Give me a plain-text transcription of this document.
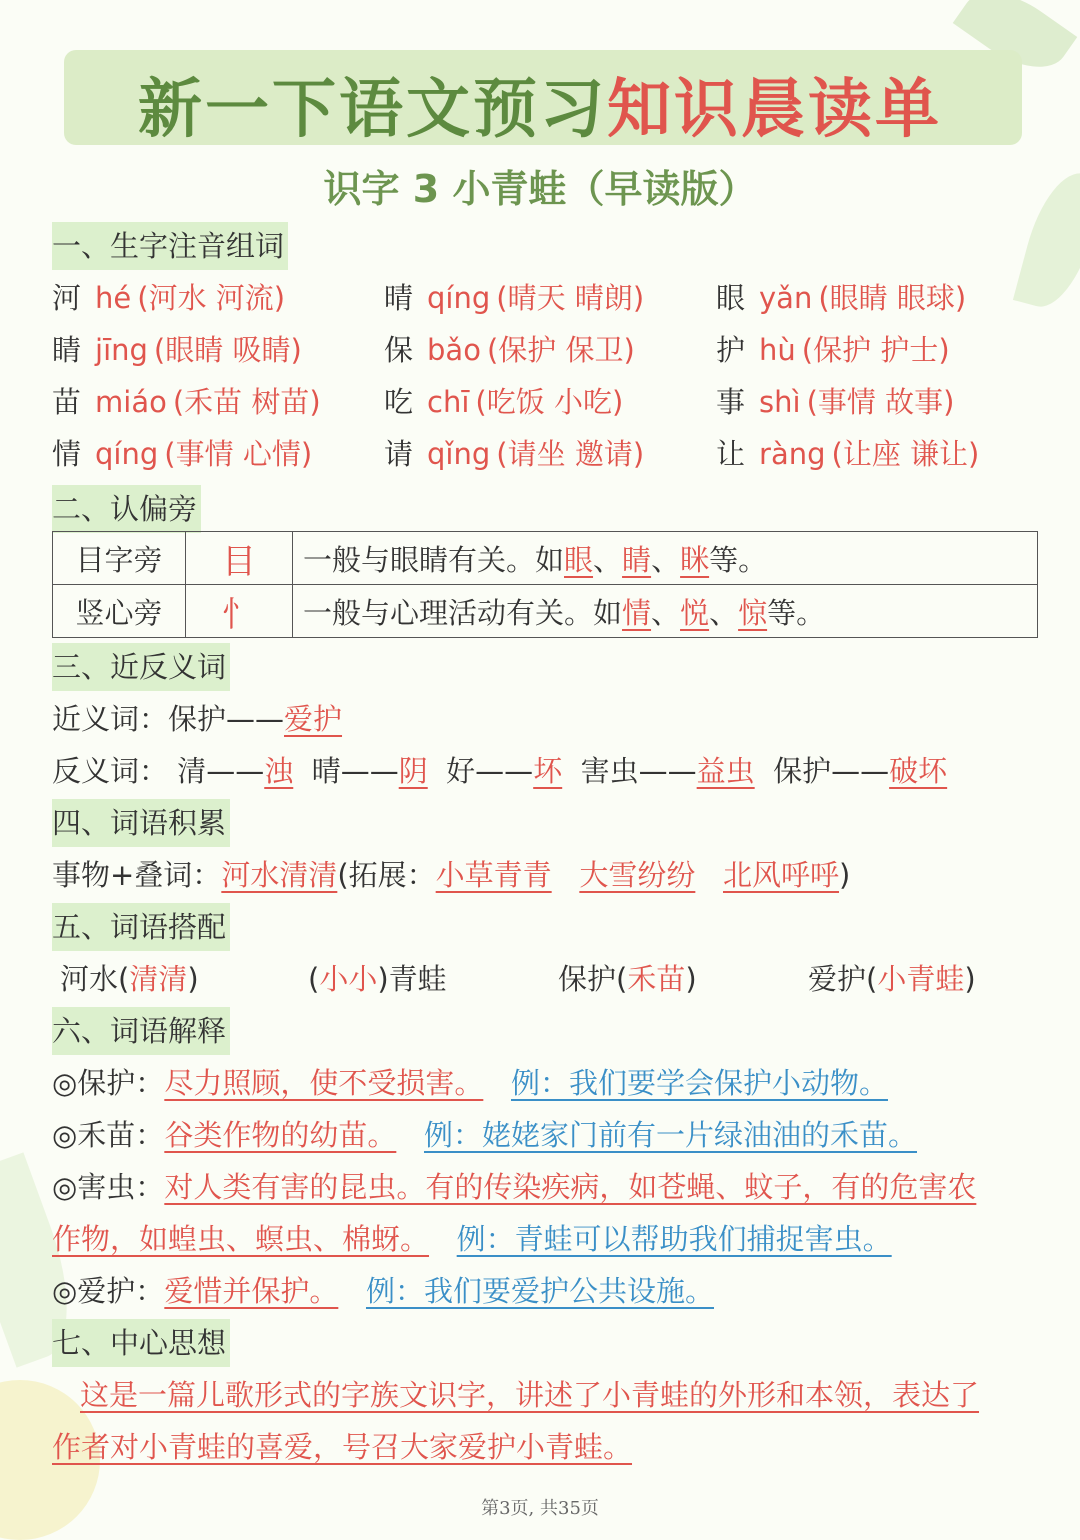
新一下语文预习知识晨读单
识字 3 小青蛙（早读版）
一、生字注音组词
河 hé (河水 河流)	晴 qíng (晴天 晴朗) 眼 yǎn (眼睛 眼球)
睛 jīng (眼睛 吸睛)	保 bǎo (保护 保卫)	护 hù (保护 护士)
苗 miáo (禾苗 树苗) 吃 chī (吃饭 小吃)	事 shì (事情 故事)
情 qíng (事情 心情) 请 qǐng (请坐 邀请) 让 ràng (让座 谦让)
二、认偏旁
目字旁	目	一般与眼睛有关。如眼、睛、眯等。
竖心旁	忄	一般与心理活动有关。如情、悦、惊等。
三、近反义词
近义词：保护——爱护
反义词： 清——浊 晴——阴 好——坏 害虫——益虫 保护——破坏
四、词语积累
事物+叠词：河水清清(拓展：小草青青 大雪纷纷 北风呼呼)
五、词语搭配
河水(清清)	(小小)青蛙	保护(禾苗)	爱护(小青蛙)
六、词语解释
◎保护：尽力照顾，使不受损害。 例：我们要学会保护小动物。
◎禾苗：谷类作物的幼苗。 例：姥姥家门前有一片绿油油的禾苗。
◎害虫：对人类有害的昆虫。有的传染疾病，如苍蝇、蚊子，有的危害农
作物，如蝗虫、螟虫、棉蚜。 例：青蛙可以帮助我们捕捉害虫。
◎爱护：爱惜并保护。 例：我们要爱护公共设施。
七、中心思想
这是一篇儿歌形式的字族文识字，讲述了小青蛙的外形和本领，表达了
作者对小青蛙的喜爱，号召大家爱护小青蛙。
第3页, 共35页
